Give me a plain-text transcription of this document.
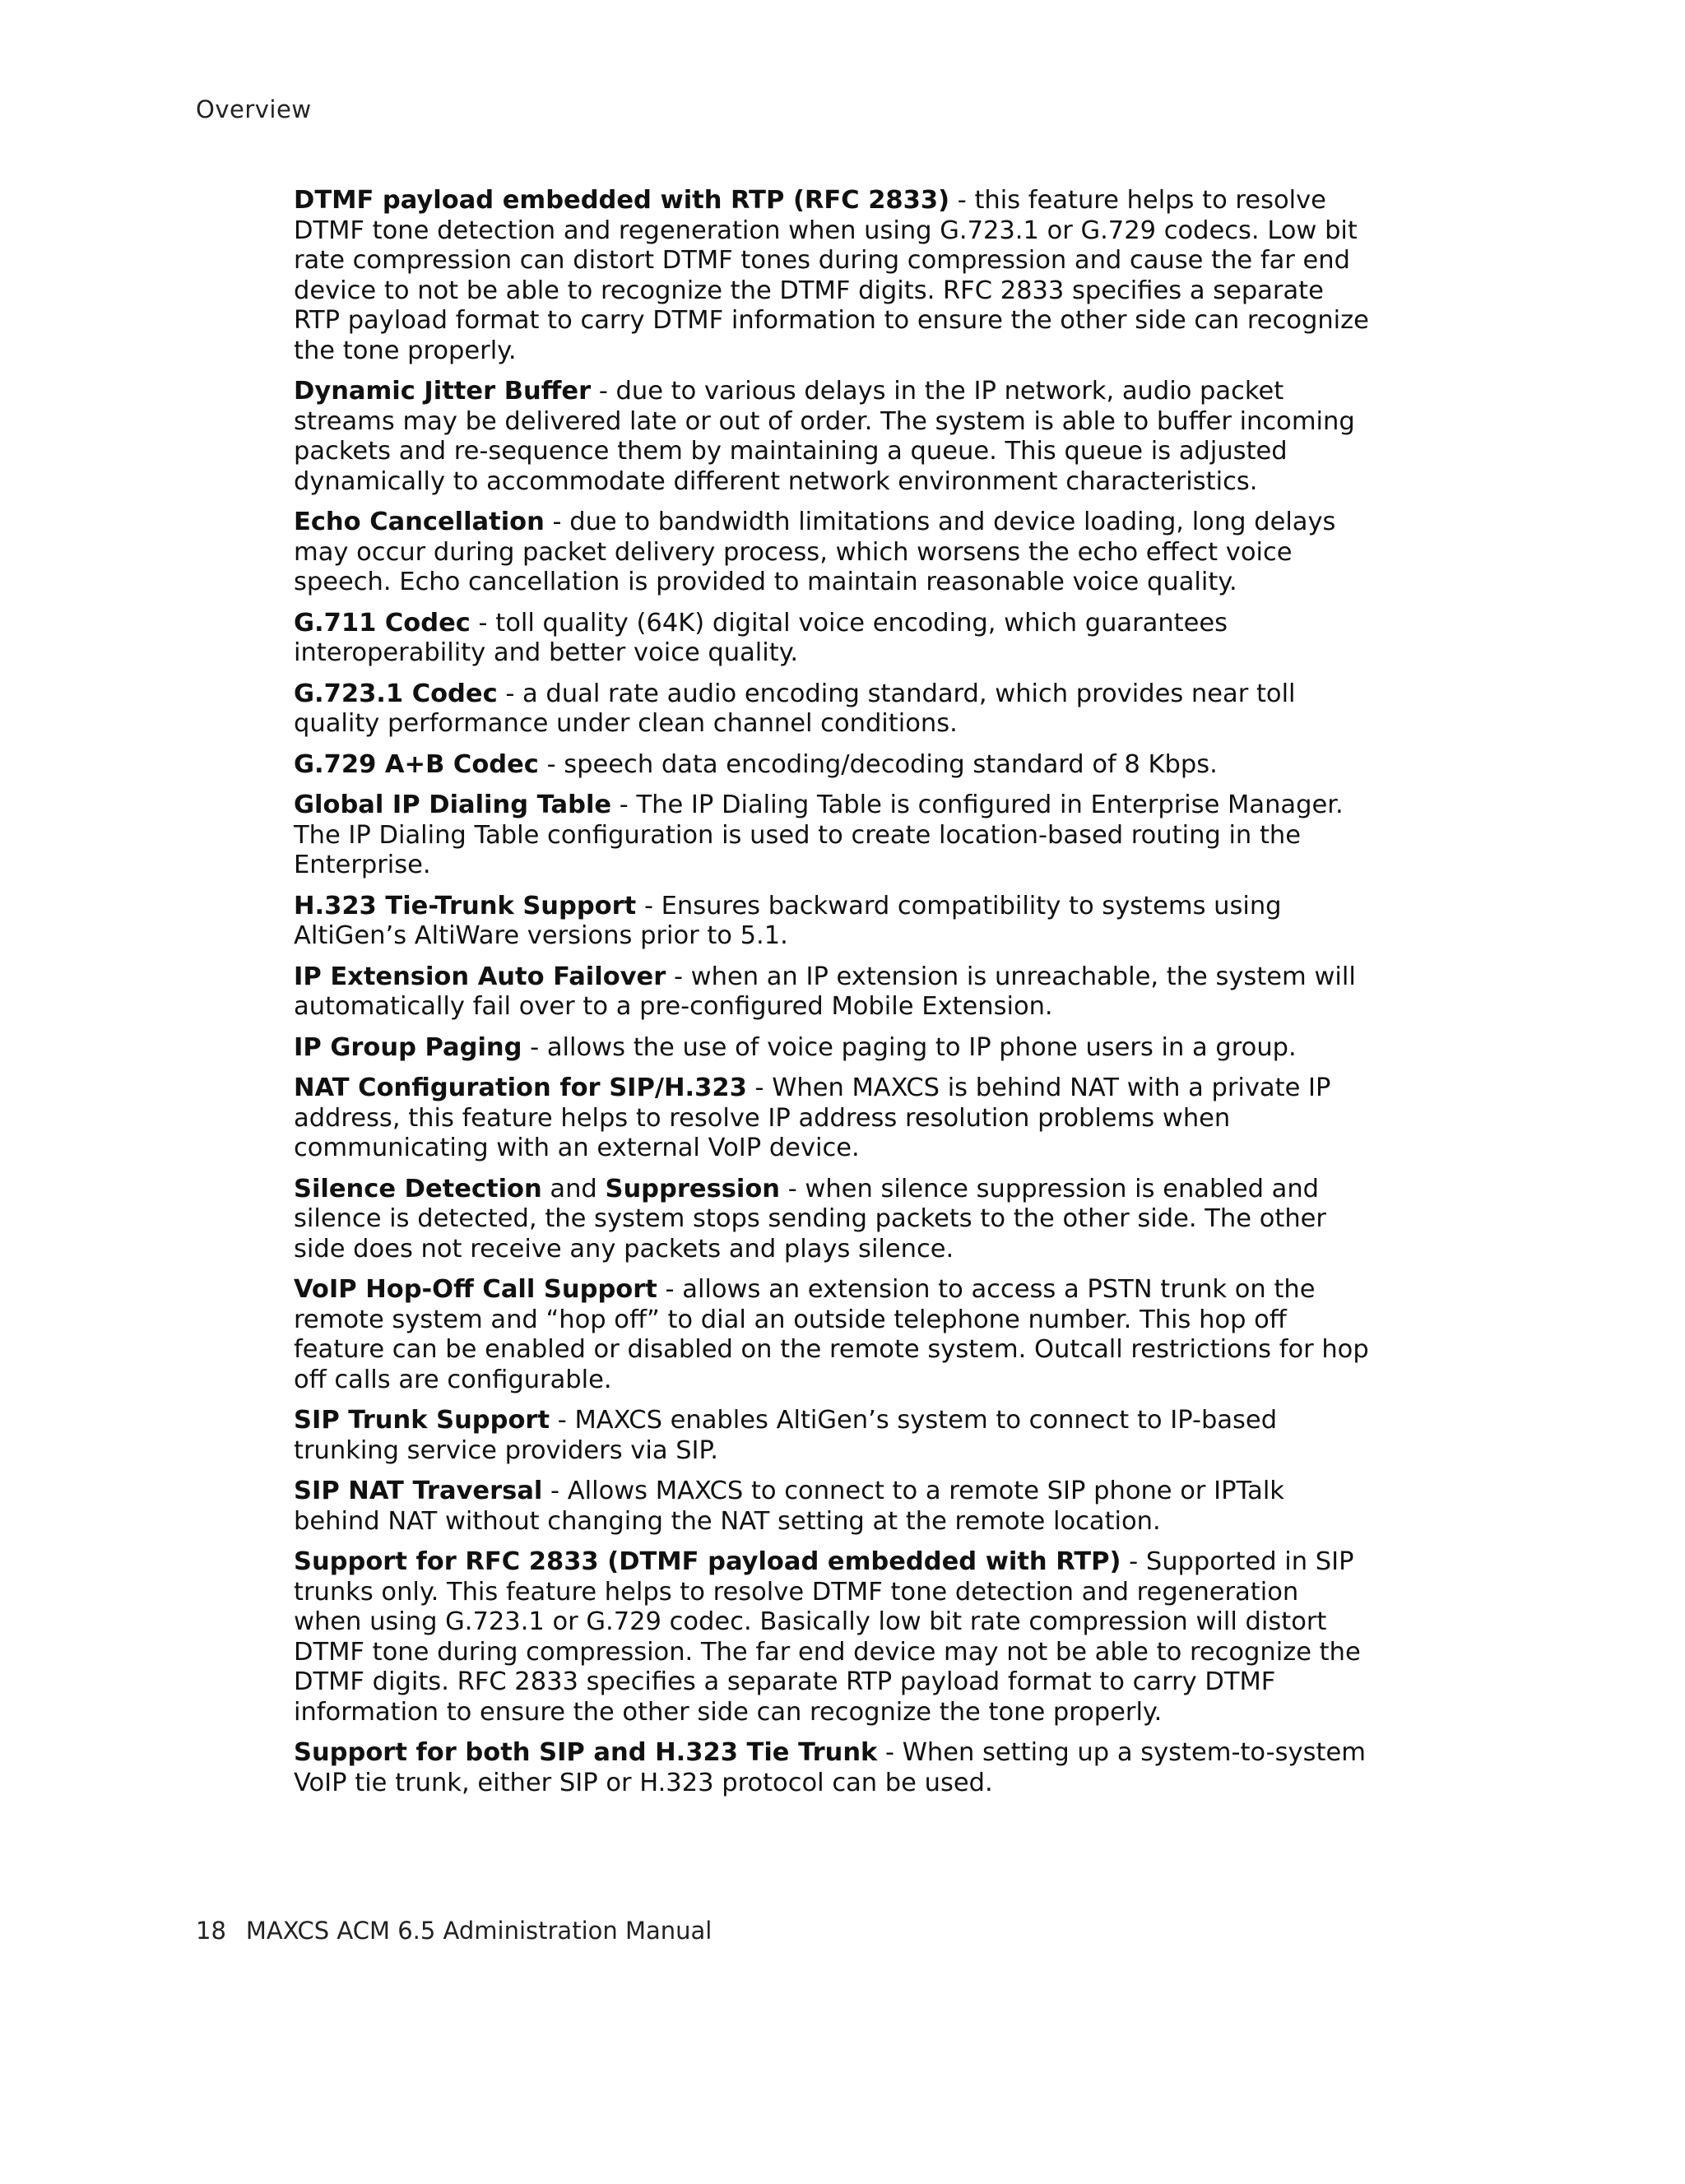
Overview

DTMF payload embedded with RTP (RFC 2833) - this feature helps to resolve DTMF tone detection and regeneration when using G.723.1 or G.729 codecs. Low bit rate compression can distort DTMF tones during compression and cause the far end device to not be able to recognize the DTMF digits. RFC 2833 specifies a separate RTP payload format to carry DTMF information to ensure the other side can recognize the tone properly.

Dynamic Jitter Buffer - due to various delays in the IP network, audio packet streams may be delivered late or out of order. The system is able to buffer incoming packets and re-sequence them by maintaining a queue. This queue is adjusted dynamically to accommodate different network environment characteristics.

Echo Cancellation - due to bandwidth limitations and device loading, long delays may occur during packet delivery process, which worsens the echo effect voice speech. Echo cancellation is provided to maintain reasonable voice quality.

G.711 Codec - toll quality (64K) digital voice encoding, which guarantees interoperability and better voice quality.

G.723.1 Codec - a dual rate audio encoding standard, which provides near toll quality performance under clean channel conditions.

G.729 A+B Codec - speech data encoding/decoding standard of 8 Kbps.

Global IP Dialing Table - The IP Dialing Table is configured in Enterprise Manager. The IP Dialing Table configuration is used to create location-based routing in the Enterprise.

H.323 Tie-Trunk Support - Ensures backward compatibility to systems using AltiGen’s AltiWare versions prior to 5.1.

IP Extension Auto Failover - when an IP extension is unreachable, the system will automatically fail over to a pre-configured Mobile Extension.

IP Group Paging - allows the use of voice paging to IP phone users in a group.

NAT Configuration for SIP/H.323 - When MAXCS is behind NAT with a private IP address, this feature helps to resolve IP address resolution problems when communicating with an external VoIP device.

Silence Detection and Suppression - when silence suppression is enabled and silence is detected, the system stops sending packets to the other side. The other side does not receive any packets and plays silence.

VoIP Hop-Off Call Support - allows an extension to access a PSTN trunk on the remote system and “hop off” to dial an outside telephone number. This hop off feature can be enabled or disabled on the remote system. Outcall restrictions for hop off calls are configurable.

SIP Trunk Support - MAXCS enables AltiGen’s system to connect to IP-based trunking service providers via SIP.

SIP NAT Traversal - Allows MAXCS to connect to a remote SIP phone or IPTalk behind NAT without changing the NAT setting at the remote location.

Support for RFC 2833 (DTMF payload embedded with RTP) - Supported in SIP trunks only. This feature helps to resolve DTMF tone detection and regeneration when using G.723.1 or G.729 codec. Basically low bit rate compression will distort DTMF tone during compression. The far end device may not be able to recognize the DTMF digits. RFC 2833 specifies a separate RTP payload format to carry DTMF information to ensure the other side can recognize the tone properly.

Support for both SIP and H.323 Tie Trunk - When setting up a system-to-system VoIP tie trunk, either SIP or H.323 protocol can be used.

18 MAXCS ACM 6.5 Administration Manual
